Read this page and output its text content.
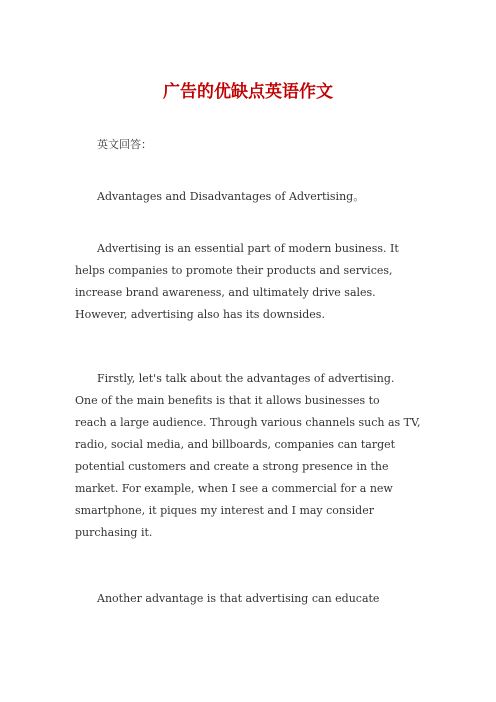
广告的优缺点英语作文

英文回答：

Advantages and Disadvantages of Advertising。

Advertising is an essential part of modern business. It
helps companies to promote their products and services,
increase brand awareness, and ultimately drive sales.
However, advertising also has its downsides.

Firstly, let's talk about the advantages of advertising.
One of the main benefits is that it allows businesses to
reach a large audience. Through various channels such as TV,
radio, social media, and billboards, companies can target
potential customers and create a strong presence in the
market. For example, when I see a commercial for a new
smartphone, it piques my interest and I may consider
purchasing it.

Another advantage is that advertising can educate
